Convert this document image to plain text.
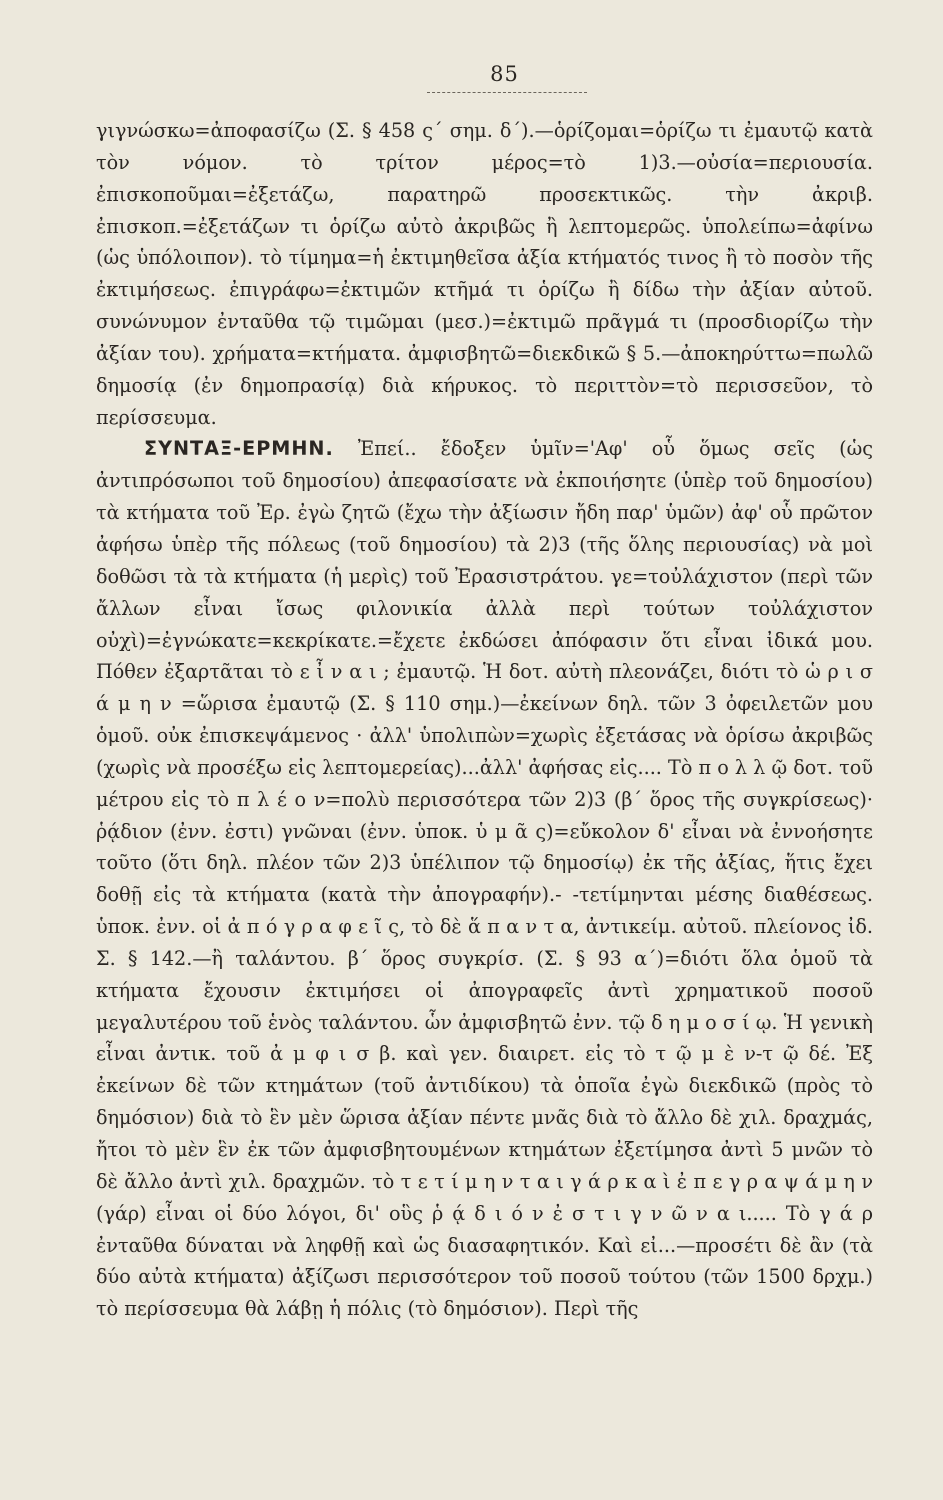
85

γιγνώσκω=ἀποφασίζω (Σ. § 458 ς΄ σημ. δ΄).—ὁρίζομαι=ὁρίζω τι ἐμαυτῷ κατὰ τὸν νόμον. τὸ τρίτον μέρος=τὸ 1)3.—οὐσία=περιουσία. ἐπισκοποῦμαι=ἐξετάζω, παρατηρῶ προσεκτικῶς. τὴν ἀκριβ. ἐπισκοπ.=ἐξετάζων τι ὁρίζω αὐτὸ ἀκριβῶς ἢ λεπτομερῶς. ὑπολείπω=ἀφίνω (ὡς ὑπόλοιπον). τὸ τίμημα=ἡ ἐκτιμηθεῖσα ἀξία κτήματός τινος ἢ τὸ ποσὸν τῆς ἐκτιμήσεως. ἐπιγράφω=ἐκτιμῶν κτῆμά τι ὁρίζω ἢ δίδω τὴν ἀξίαν αὐτοῦ. συνώνυμον ἐνταῦθα τῷ τιμῶμαι (μεσ.)=ἐκτιμῶ πρᾶγμά τι (προσδιορίζω τὴν ἀξίαν του). χρήματα=κτήματα. ἀμφισβητῶ=διεκδικῶ § 5.—ἀποκηρύττω=πωλῶ δημοσίᾳ (ἐν δημοπρασίᾳ) διὰ κήρυκος. τὸ περιττὸν=τὸ περισσεῦον, τὸ περίσσευμα.

ΣΥΝΤΑΞ-ΕΡΜΗΝ. Ἐπεί.. ἔδοξεν ὑμῖν='Αφ' οὗ ὅμως σεῖς (ὡς ἀντιπρόσωποι τοῦ δημοσίου) ἀπεφασίσατε νὰ ἐκποιήσητε (ὑπὲρ τοῦ δημοσίου) τὰ κτήματα τοῦ Ἐρ. ἐγὼ ζητῶ (ἔχω τὴν ἀξίωσιν ἤδη παρ' ὑμῶν) ἀφ' οὗ πρῶτον ἀφήσω ὑπὲρ τῆς πόλεως (τοῦ δημοσίου) τὰ 2)3 (τῆς ὅλης περιουσίας) νὰ μοὶ δοθῶσι τὰ τὰ κτήματα (ἡ μερὶς) τοῦ Ἐρασιστράτου. γε=τοὐλάχιστον (περὶ τῶν ἄλλων εἶναι ἴσως φιλονικία ἀλλὰ περὶ τούτων τοὐλάχιστον οὐχὶ)=ἐγνώκατε=κεκρίκατε.=ἔχετε ἐκδώσει ἀπόφασιν ὅτι εἶναι ἰδικά μου. Πόθεν ἐξαρτᾶται τὸ ε ἶ ν α ι ; ἐμαυτῷ. Ἡ δοτ. αὐτὴ πλεονάζει, διότι τὸ ὡ ρ ι σ ά μ η ν =ὥρισα ἐμαυτῷ (Σ. § 110 σημ.)—ἐκείνων δηλ. τῶν 3 ὀφειλετῶν μου ὁμοῦ. οὐκ ἐπισκεψάμενος · ἀλλ' ὑπολιπὼν=χωρὶς ἐξετάσας νὰ ὁρίσω ἀκριβῶς (χωρὶς νὰ προσέξω εἰς λεπτομερείας)...ἀλλ' ἀφήσας εἰς.... Τὸ π ο λ λ ῷ δοτ. τοῦ μέτρου εἰς τὸ π λ έ ο ν=πολὺ περισσότερα τῶν 2)3 (β΄ ὅρος τῆς συγκρίσεως)· ῥᾴδιον (ἐνν. ἐστι) γνῶναι (ἐνν. ὑποκ. ὑ μ ᾶ ς)=εὔκολον δ' εἶναι νὰ ἐννοήσητε τοῦτο (ὅτι δηλ. πλέον τῶν 2)3 ὑπέλιπον τῷ δημοσίῳ) ἐκ τῆς ἀξίας, ἥτις ἔχει δοθῇ εἰς τὰ κτήματα (κατὰ τὴν ἀπογραφήν).- -τετίμηνται μέσης διαθέσεως. ὑποκ. ἐνν. οἱ ἀ π ό γ ρ α φ ε ῖ ς, τὸ δὲ ἅ π α ν τ α, ἀντικείμ. αὐτοῦ. πλείονος ἰδ. Σ. § 142.—ἢ ταλάντου. β΄ ὅρος συγκρίσ. (Σ. § 93 α΄)=διότι ὅλα ὁμοῦ τὰ κτήματα ἔχουσιν ἐκτιμήσει οἱ ἀπογραφεῖς ἀντὶ χρηματικοῦ ποσοῦ μεγαλυτέρου τοῦ ἑνὸς ταλάντου. ὧν ἀμφισβητῶ ἐνν. τῷ δ η μ ο σ ί ῳ. Ἡ γενικὴ εἶναι ἀντικ. τοῦ ἀ μ φ ι σ β. καὶ γεν. διαιρετ. εἰς τὸ τ ῷ μ ὲ ν-τ ῷ δέ. Ἐξ ἐκείνων δὲ τῶν κτημάτων (τοῦ ἀντιδίκου) τὰ ὁποῖα ἐγὼ διεκδικῶ (πρὸς τὸ δημόσιον) διὰ τὸ ἓν μὲν ὥρισα ἀξίαν πέντε μνᾶς διὰ τὸ ἄλλο δὲ χιλ. δραχμάς, ἤτοι τὸ μὲν ἓν ἐκ τῶν ἀμφισβητουμένων κτημάτων ἐξετίμησα ἀντὶ 5 μνῶν τὸ δὲ ἄλλο ἀντὶ χιλ. δραχμῶν. τὸ τ ε τ ί μ η ν τ α ι γ ά ρ κ α ὶ ἐ π ε γ ρ α ψ ά μ η ν (γάρ) εἶναι οἱ δύο λόγοι, δι' οὓς ῥ ᾴ δ ι ό ν ἐ σ τ ι γ ν ῶ ν α ι..... Τὸ γ ά ρ ἐνταῦθα δύναται νὰ ληφθῇ καὶ ὡς διασαφητικόν. Καὶ εἰ...—προσέτι δὲ ἂν (τὰ δύο αὐτὰ κτήματα) ἀξίζωσι περισσότερον τοῦ ποσοῦ τούτου (τῶν 1500 δρχμ.) τὸ περίσσευμα θὰ λάβῃ ἡ πόλις (τὸ δημόσιον). Περὶ τῆς
